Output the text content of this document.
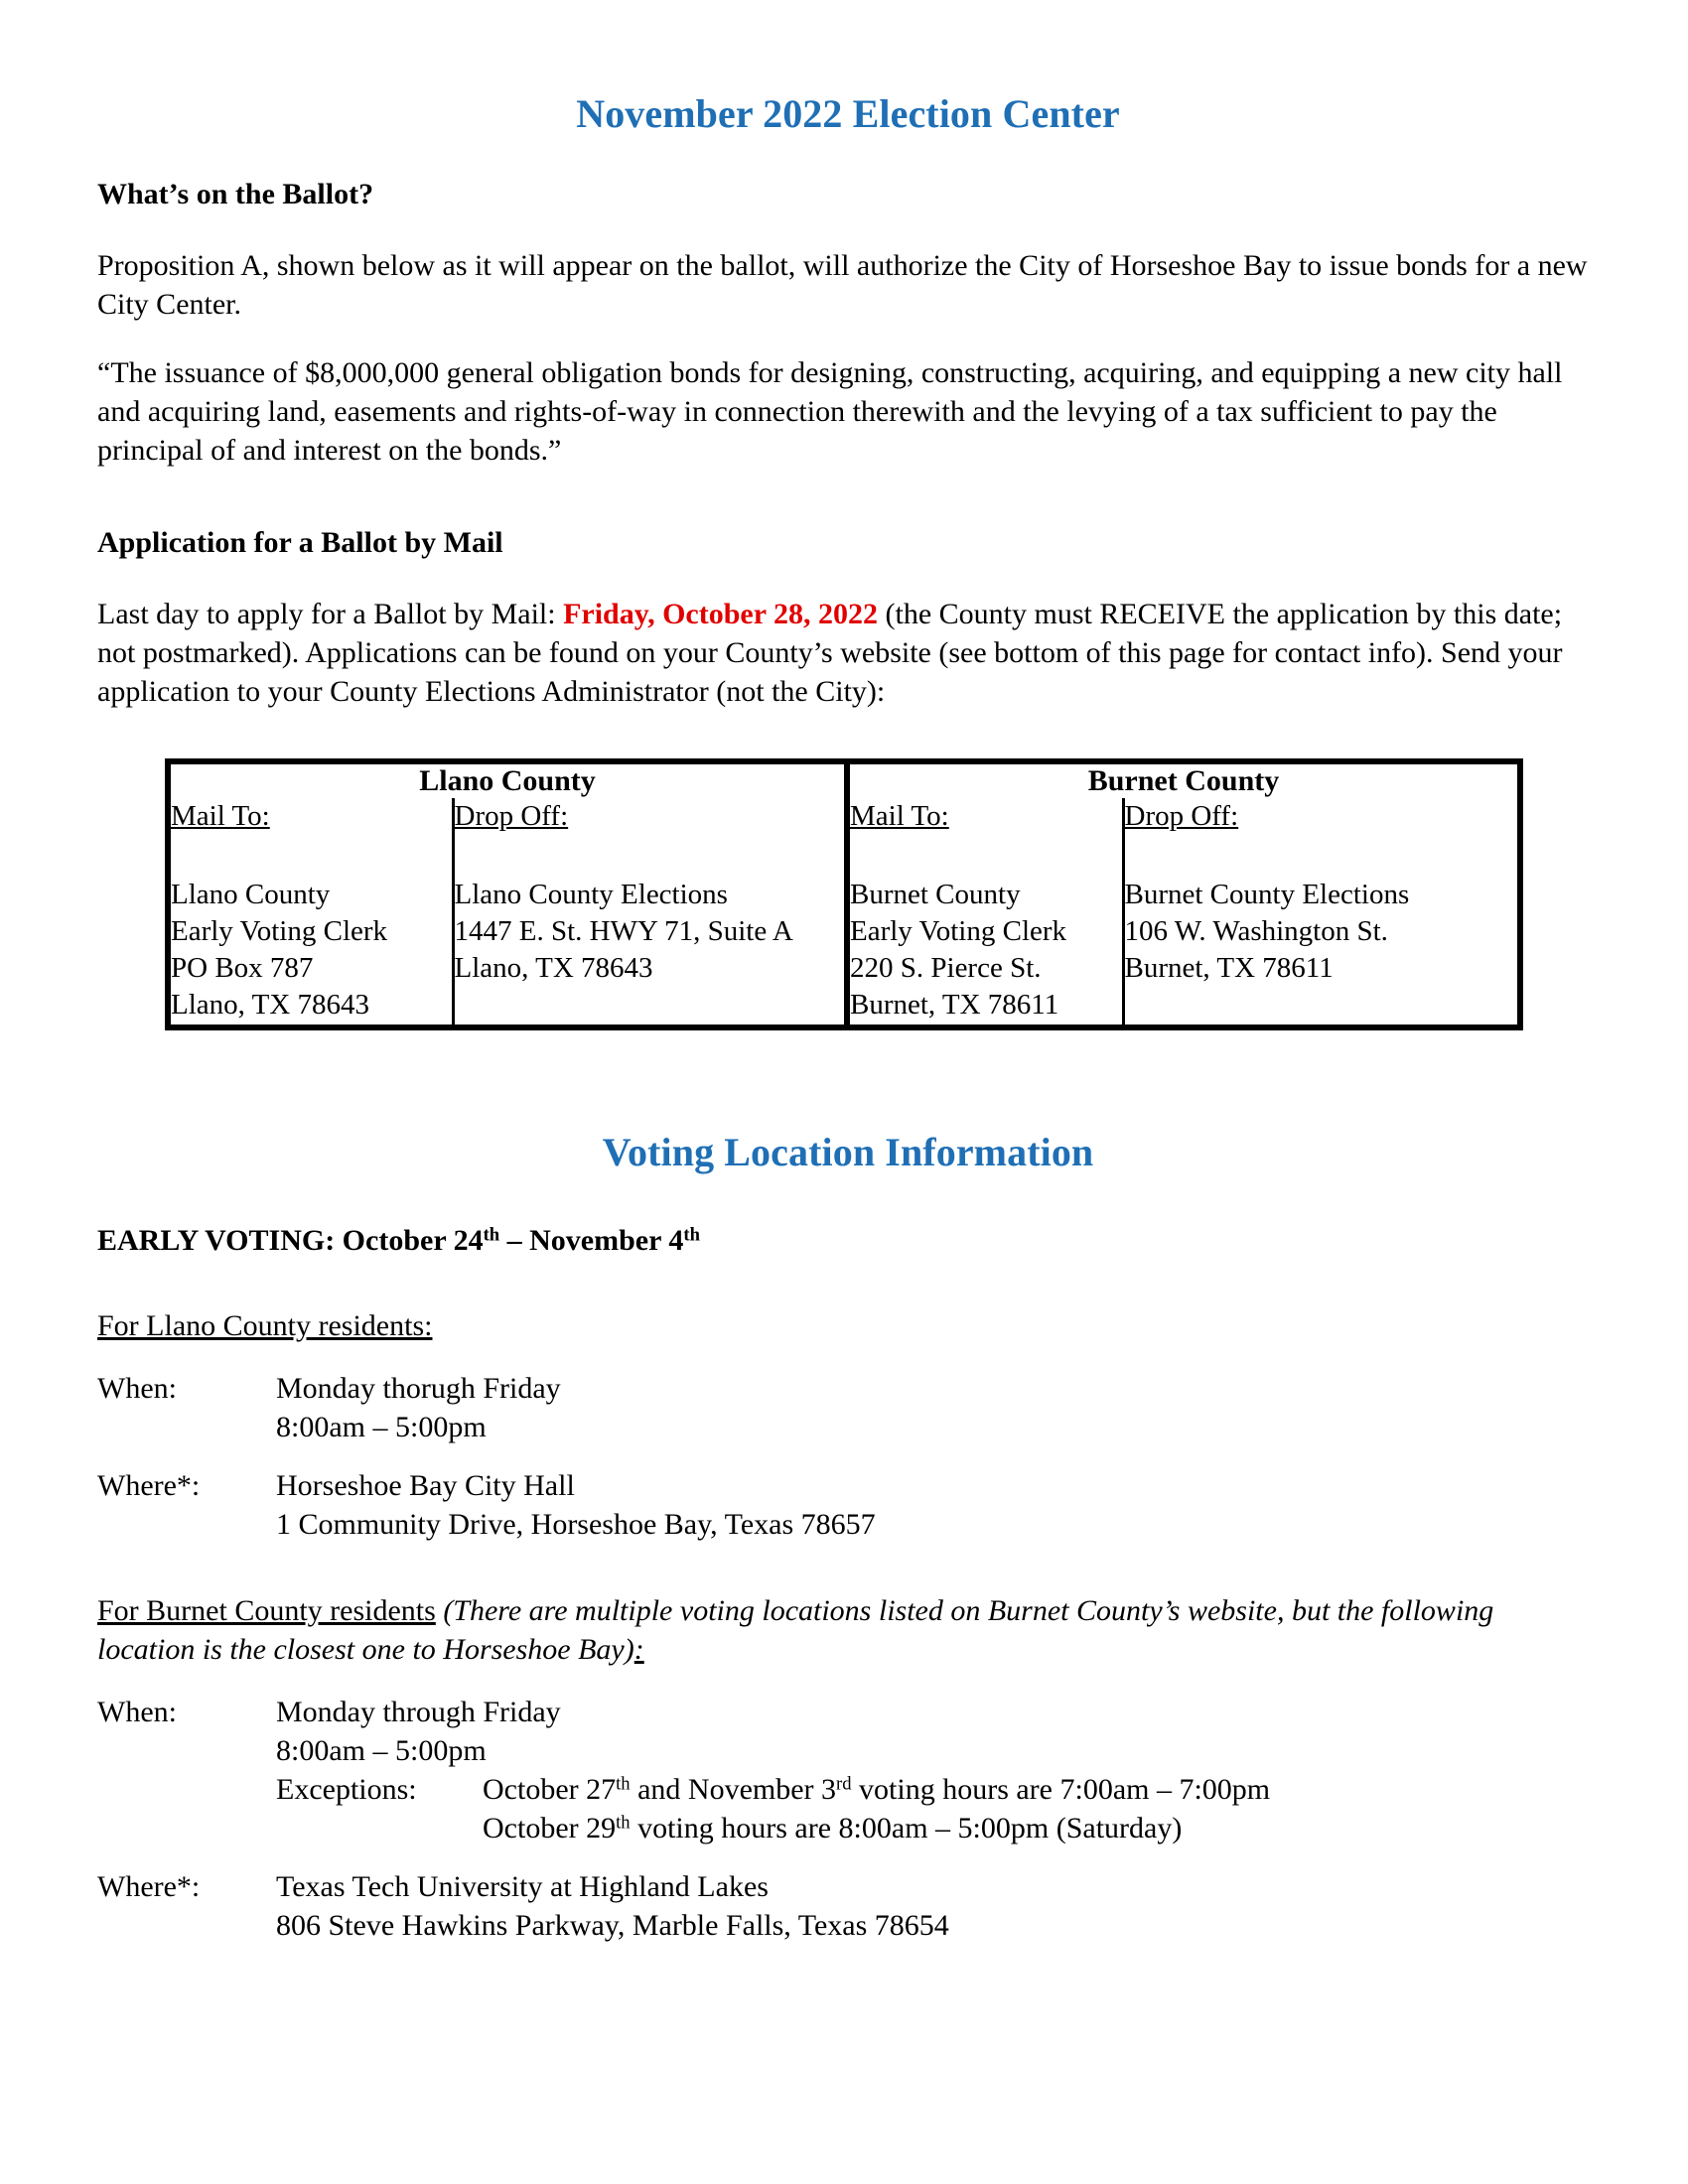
November 2022 Election Center
What’s on the Ballot?

Proposition A, shown below as it will appear on the ballot, will authorize the City of Horseshoe Bay to issue bonds for a new City Center.

“The issuance of $8,000,000 general obligation bonds for designing, constructing, acquiring, and equipping a new city hall and acquiring land, easements and rights-of-way in connection therewith and the levying of a tax sufficient to pay the principal of and interest on the bonds.”

Application for a Ballot by Mail

Last day to apply for a Ballot by Mail: Friday, October 28, 2022 (the County must RECEIVE the application by this date; not postmarked). Applications can be found on your County’s website (see bottom of this page for contact info). Send your application to your County Elections Administrator (not the City):

Llano County		Burnet County	

Mail To:
Llano County
Early Voting Clerk
PO Box 787
Llano, TX 78643

Drop Off:
Llano County Elections
1447 E. St. HWY 71, Suite A
Llano, TX 78643

Mail To:
Burnet County
Early Voting Clerk
220 S. Pierce St.
Burnet, TX 78611

Drop Off:
Burnet County Elections
106 W. Washington St.
Burnet, TX 78611
Voting Location Information
EARLY VOTING: October 24th – November 4th

For Llano County residents:

When:	Monday thorugh Friday
8:00am – 5:00pm
Where*:	Horseshoe Bay City Hall
1 Community Drive, Horseshoe Bay, Texas 78657

For Burnet County residents (There are multiple voting locations listed on Burnet County’s website, but the following location is the closest one to Horseshoe Bay):

When:	Monday through Friday
8:00am – 5:00pm
Exceptions:	October 27th and November 3rd voting hours are 7:00am – 7:00pm
October 29th voting hours are 8:00am – 5:00pm (Saturday)
Where*:	Texas Tech University at Highland Lakes
806 Steve Hawkins Parkway, Marble Falls, Texas 78654
